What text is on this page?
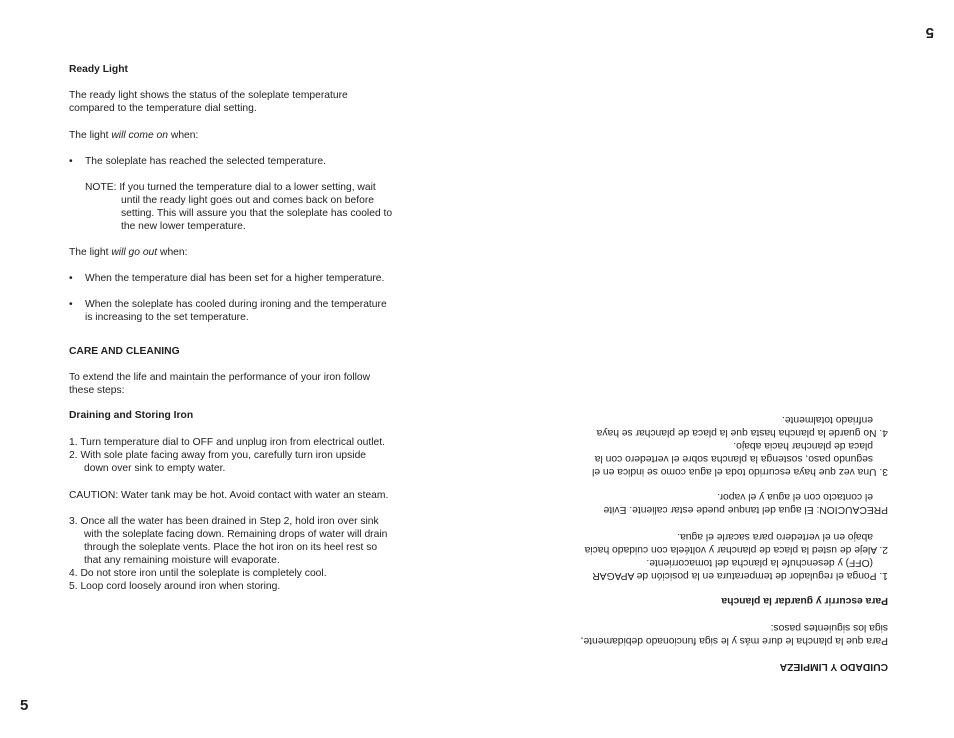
Ready Light
The ready light shows the status of the soleplate temperature
compared to the temperature dial setting.
The light will come on when:
• The soleplate has reached the selected temperature.
NOTE: If you turned the temperature dial to a lower setting, wait
until the ready light goes out and comes back on before
setting. This will assure you that the soleplate has cooled to
the new lower temperature.
The light will go out when:
• When the temperature dial has been set for a higher temperature.
• When the soleplate has cooled during ironing and the temperature
is increasing to the set temperature.
CARE AND CLEANING
To extend the life and maintain the performance of your iron follow
these steps:
Draining and Storing Iron
1. Turn temperature dial to OFF and unplug iron from electrical outlet.
2. With sole plate facing away from you, carefully turn iron upside
down over sink to empty water.
CAUTION: Water tank may be hot. Avoid contact with water an steam.
3. Once all the water has been drained in Step 2, hold iron over sink
with the soleplate facing down. Remaining drops of water will drain
through the soleplate vents. Place the hot iron on its heel rest so
that any remaining moisture will evaporate.
4. Do not store iron until the soleplate is completely cool.
5. Loop cord loosely around iron when storing.
5
CUIDADO Y LIMPIEZA
Para que la plancha le dure más y le siga funcionado debidamente,
siga los siguientes pasos:
Para escurrir y guardar la plancha
1. Ponga el regulador de temperatura en la posición de APAGAR
(OFF) y desenchufe la plancha del tomacorriente.
2. Aleje de usted la placa de planchar y voltéela con cuidado hacia
abajo en el vertedero para sacarle el agua.
PRECAUCION: El agua del tanque puede estar caliente. Evite
el contacto con el agua y el vapor.
3. Una vez que haya escurrido toda el agua como se indica en el
segundo paso, sostenga la plancha sobre el vertedero con la
placa de planchar hacia abajo.
4. No guarde la plancha hasta que la placa de planchar se haya
enfriado totalmente.
5
